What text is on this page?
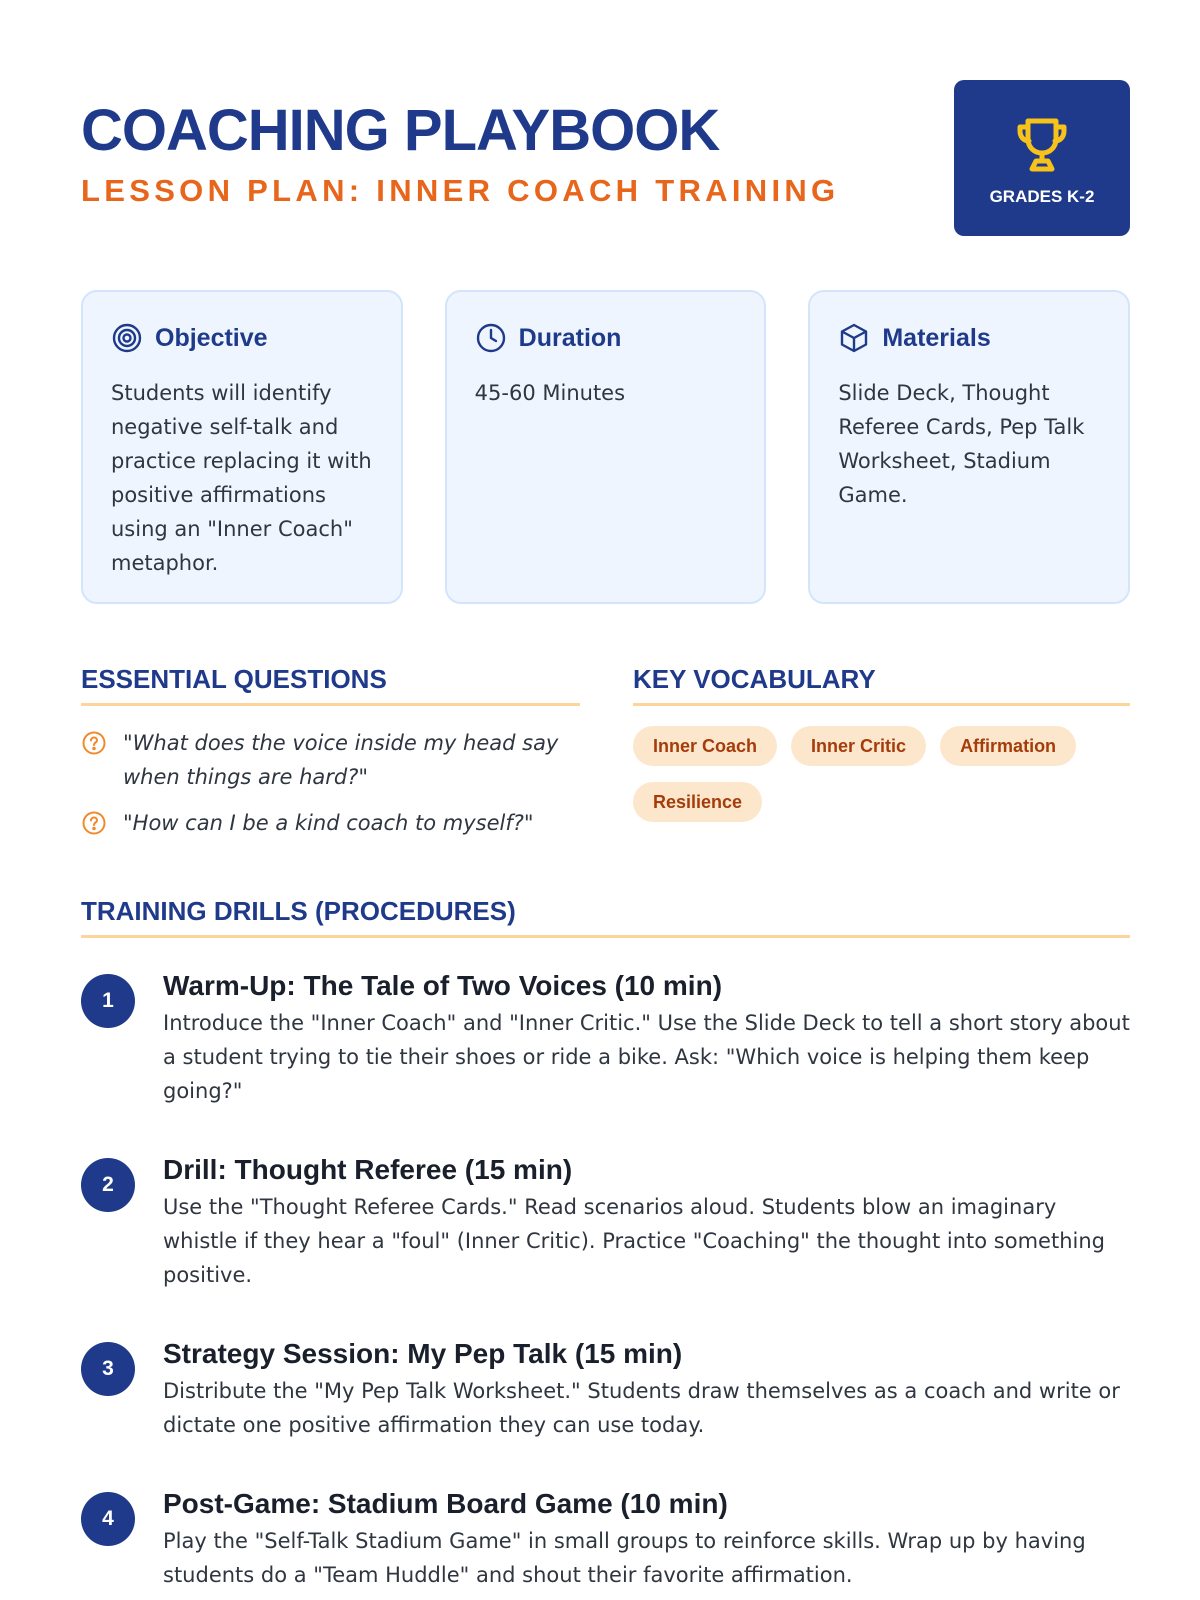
COACHING PLAYBOOK
LESSON PLAN: INNER COACH TRAINING	GRADES K-2
Objective
Students will identify negative self-talk and practice replacing it with positive affirmations using an "Inner Coach" metaphor.
Duration
45-60 Minutes
Materials
Slide Deck, Thought Referee Cards, Pep Talk Worksheet, Stadium Game.
ESSENTIAL QUESTIONS
"What does the voice inside my head say when things are hard?"
"How can I be a kind coach to myself?"
KEY VOCABULARY
Inner Coach	Inner Critic	Affirmation
Resilience
TRAINING DRILLS (PROCEDURES)
1	Warm-Up: The Tale of Two Voices (10 min)
Introduce the "Inner Coach" and "Inner Critic." Use the Slide Deck to tell a short story about a student trying to tie their shoes or ride a bike. Ask: "Which voice is helping them keep going?"
2	Drill: Thought Referee (15 min)
Use the "Thought Referee Cards." Read scenarios aloud. Students blow an imaginary whistle if they hear a "foul" (Inner Critic). Practice "Coaching" the thought into something positive.
3	Strategy Session: My Pep Talk (15 min)
Distribute the "My Pep Talk Worksheet." Students draw themselves as a coach and write or dictate one positive affirmation they can use today.
4	Post-Game: Stadium Board Game (10 min)
Play the "Self-Talk Stadium Game" in small groups to reinforce skills. Wrap up by having students do a "Team Huddle" and shout their favorite affirmation.
